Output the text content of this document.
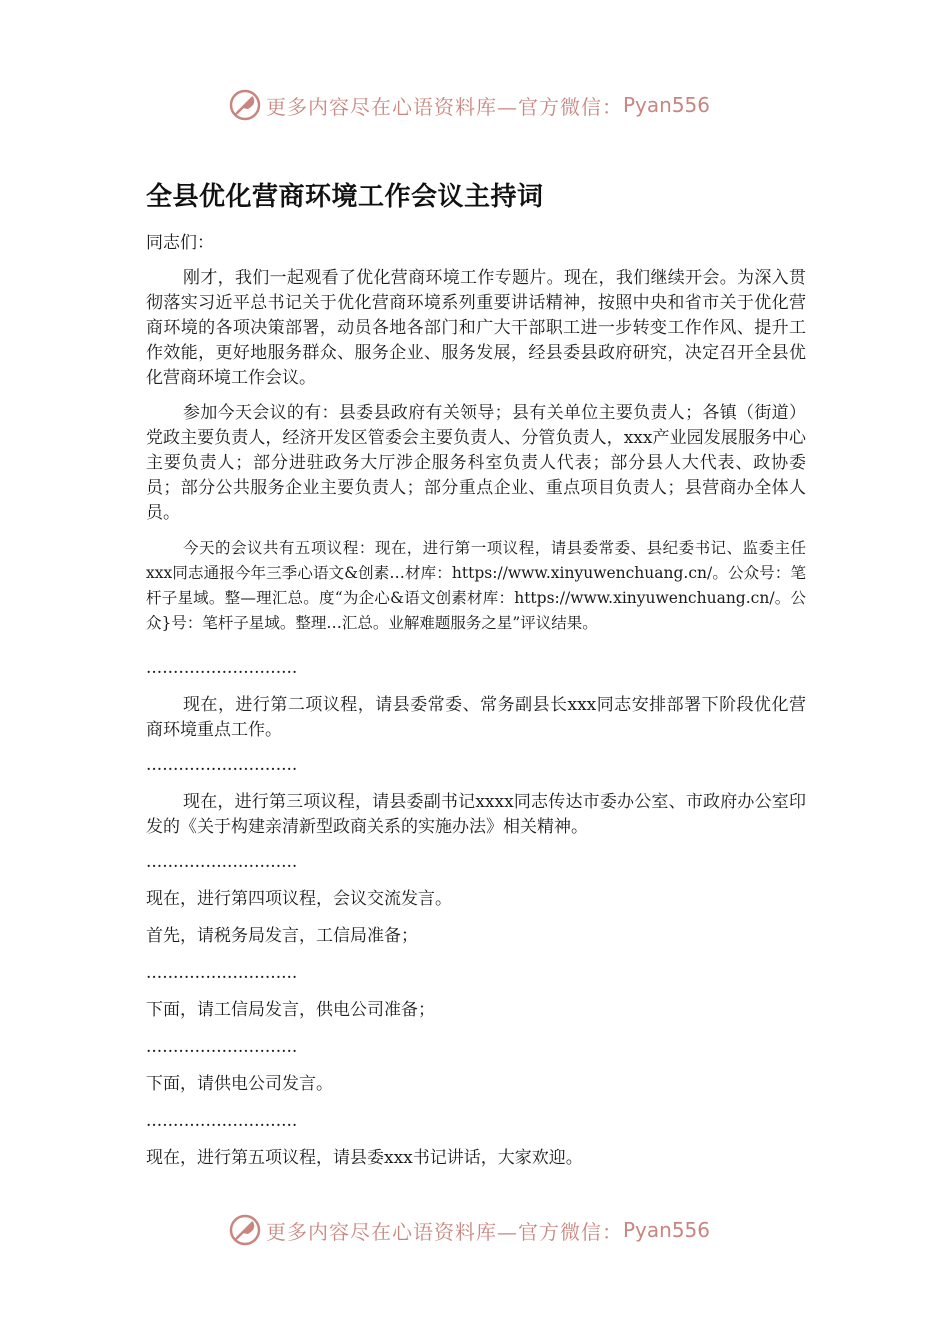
更多内容尽在心语资料库—官方微信： Pyan556
全县优化营商环境工作会议主持词

同志们：

刚才，我们一起观看了优化营商环境工作专题片。现在，我们继续开会。为深入贯彻落实习近平总书记关于优化营商环境系列重要讲话精神，按照中央和省市关于优化营商环境的各项决策部署，动员各地各部门和广大干部职工进一步转变工作作风、提升工作效能，更好地服务群众、服务企业、服务发展，经县委县政府研究，决定召开全县优化营商环境工作会议。

参加今天会议的有：县委县政府有关领导；县有关单位主要负责人；各镇（街道）党政主要负责人，经济开发区管委会主要负责人、分管负责人，xxx产业园发展服务中心主要负责人；部分进驻政务大厅涉企服务科室负责人代表；部分县人大代表、政协委员；部分公共服务企业主要负责人；部分重点企业、重点项目负责人；县营商办全体人员。

今天的会议共有五项议程：现在，进行第一项议程，请县委常委、县纪委书记、监委主任xxx同志通报今年三季心语文&创素…材库：https://www.xinyuwenchuang.cn/。公众号：笔杆子星域。整—理汇总。度“为企心&语文创素材库：https://www.xinyuwenchuang.cn/。公众}号：笔杆子星域。整理…汇总。业解难题服务之星”评议结果。

............................

现在，进行第二项议程，请县委常委、常务副县长xxx同志安排部署下阶段优化营商环境重点工作。

............................

现在，进行第三项议程，请县委副书记xxxx同志传达市委办公室、市政府办公室印发的《关于构建亲清新型政商关系的实施办法》相关精神。

............................

现在，进行第四项议程，会议交流发言。

首先，请税务局发言，工信局准备；

............................

下面，请工信局发言，供电公司准备；

............................

下面，请供电公司发言。

............................

现在，进行第五项议程，请县委xxx书记讲话，大家欢迎。

更多内容尽在心语资料库—官方微信： Pyan556
